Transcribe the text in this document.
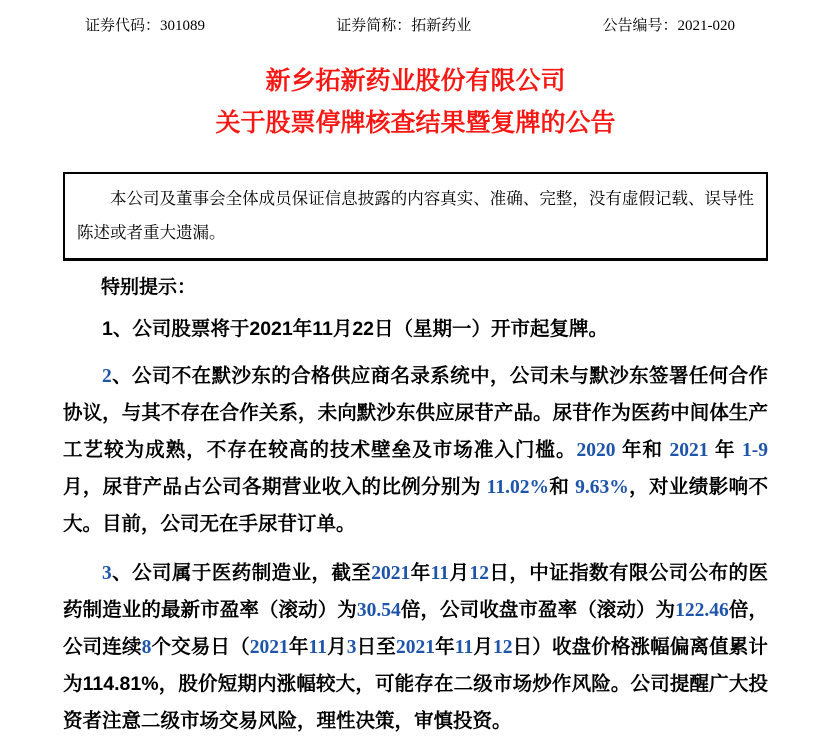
证券代码：301089	证券简称：拓新药业	公告编号：2021-020
新乡拓新药业股份有限公司
关于股票停牌核查结果暨复牌的公告

本公司及董事会全体成员保证信息披露的内容真实、准确、完整，没有虚假记载、误导性陈述或者重大遗漏。

特别提示：

1、公司股票将于2021年11月22日（星期一）开市起复牌。

2、公司不在默沙东的合格供应商名录系统中，公司未与默沙东签署任何合作协议，与其不存在合作关系，未向默沙东供应尿苷产品。尿苷作为医药中间体生产工艺较为成熟，不存在较高的技术壁垒及市场准入门槛。2020 年和 2021 年 1-9 月，尿苷产品占公司各期营业收入的比例分别为 11.02%和 9.63%，对业绩影响不大。目前，公司无在手尿苷订单。

3、公司属于医药制造业，截至2021年11月12日，中证指数有限公司公布的医药制造业的最新市盈率（滚动）为30.54倍，公司收盘市盈率（滚动）为122.46倍，公司连续8个交易日（2021年11月3日至2021年11月12日）收盘价格涨幅偏离值累计为114.81%，股价短期内涨幅较大，可能存在二级市场炒作风险。公司提醒广大投资者注意二级市场交易风险，理性决策，审慎投资。
